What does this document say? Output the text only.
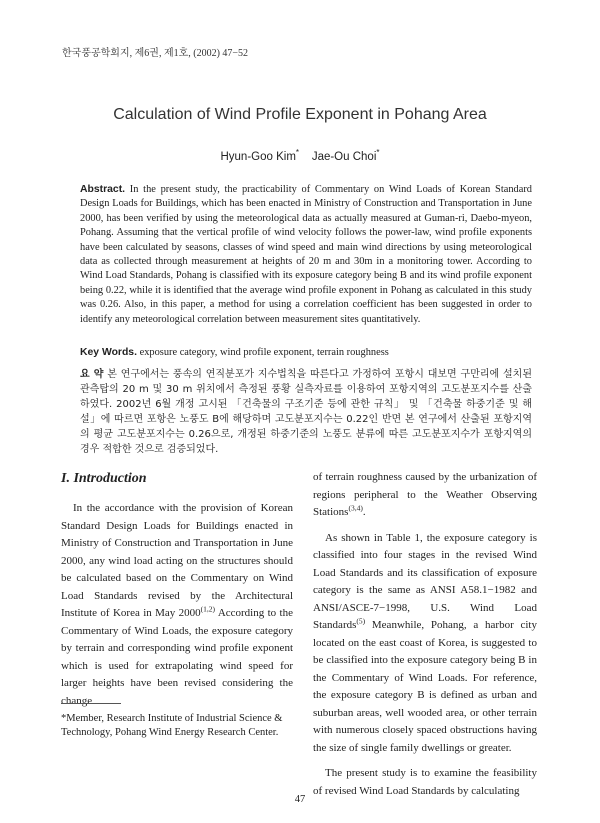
한국풍공학회지, 제6권, 제1호, (2002) 47−52
Calculation of Wind Profile Exponent in Pohang Area
Hyun-Goo Kim* Jae-Ou Choi*
Abstract. In the present study, the practicability of Commentary on Wind Loads of Korean Standard Design Loads for Buildings, which has been enacted in Ministry of Construction and Transportation in June 2000, has been verified by using the meteorological data as actually measured at Guman-ri, Daebo-myeon, Pohang. Assuming that the vertical profile of wind velocity follows the power-law, wind profile exponents have been calculated by seasons, classes of wind speed and main wind directions by using meteorological data as collected through measurement at heights of 20 m and 30m in a monitoring tower. According to Wind Load Standards, Pohang is classified with its exposure category being B and its wind profile exponent being 0.22, while it is identified that the average wind profile exponent in Pohang as calculated in this study was 0.26. Also, in this paper, a method for using a correlation coefficient has been suggested in order to identify any meteorological correlation between measurement sites quantitatively.
Key Words. exposure category, wind profile exponent, terrain roughness
요 약 본 연구에서는 풍속의 연직분포가 지수법칙을 따른다고 가정하여 포항시 대보면 구만리에 설치된 관측탑의 20 m 및 30 m 위치에서 측정된 풍황 실측자료를 이용하여 포항지역의 고도분포지수를 산출하였다. 2002년 6월 개정 고시된 「건축물의 구조기준 등에 관한 규칙」 및 「건축물 하중기준 및 해설」에 따르면 포항은 노풍도 B에 해당하며 고도분포지수는 0.22인 반면 본 연구에서 산출된 포항지역의 평균 고도분포지수는 0.26으로, 개정된 하중기준의 노풍도 분류에 따른 고도분포지수가 포항지역의 경우 적합한 것으로 검증되었다.
I. Introduction

In the accordance with the provision of Korean Standard Design Loads for Buildings enacted in Ministry of Construction and Transportation in June 2000, any wind load acting on the structures should be calculated based on the Commentary on Wind Load Standards revised by the Architectural Institute of Korea in May 2000$^{(1,2)}$ According to the Commentary of Wind Loads, the exposure category by terrain and corresponding wind profile exponent which is used for extrapolating wind speed for larger heights have been revised considering the change

of terrain roughness caused by the urbanization of regions peripheral to the Weather Observing Stations$^{(3,4)}$.

As shown in Table 1, the exposure category is classified into four stages in the revised Wind Load Standards and its classification of exposure category is the same as ANSI A58.1−1982 and ANSI/ASCE-7−1998, U.S. Wind Load Standards$^{(5)}$ Meanwhile, Pohang, a harbor city located on the east coast of Korea, is suggested to be classified into the exposure category being B in the Commentary of Wind Loads. For reference, the exposure category B is defined as urban and suburban areas, well wooded area, or other terrain with numerous closely spaced obstructions having the size of single family dwellings or greater.

The present study is to examine the feasibility of revised Wind Load Standards by calculating

*Member, Research Institute of Industrial Science & Technology, Pohang Wind Energy Research Center.
47
